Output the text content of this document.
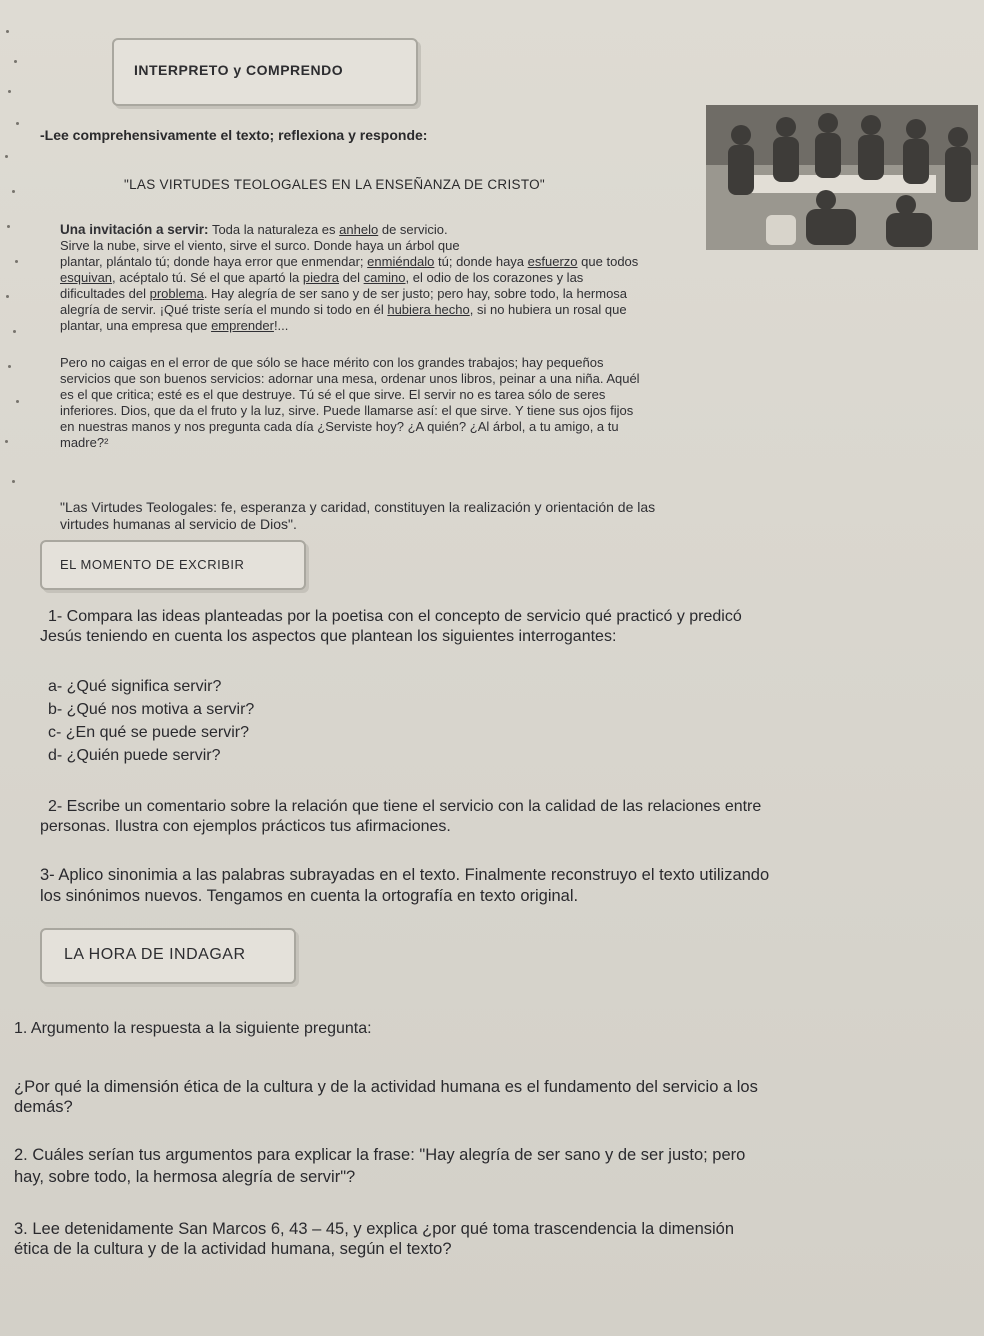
INTERPRETO y COMPRENDO
-Lee comprehensivamente el texto; reflexiona y responde:
"LAS VIRTUDES TEOLOGALES EN LA ENSEÑANZA DE CRISTO"
Una invitación a servir: Toda la naturaleza es anhelo de servicio.
Sirve la nube, sirve el viento, sirve el surco. Donde haya un árbol que
plantar, plántalo tú; donde haya error que enmendar; enmiéndalo tú; donde haya esfuerzo que todos
esquivan, acéptalo tú. Sé el que apartó la piedra del camino, el odio de los corazones y las
dificultades del problema. Hay alegría de ser sano y de ser justo; pero hay, sobre todo, la hermosa
alegría de servir. ¡Qué triste sería el mundo si todo en él hubiera hecho, si no hubiera un rosal que
plantar, una empresa que emprender!...
Pero no caigas en el error de que sólo se hace mérito con los grandes trabajos; hay pequeños
servicios que son buenos servicios: adornar una mesa, ordenar unos libros, peinar a una niña. Aquél
es el que critica; esté es el que destruye. Tú sé el que sirve. El servir no es tarea sólo de seres
inferiores. Dios, que da el fruto y la luz, sirve. Puede llamarse así: el que sirve. Y tiene sus ojos fijos
en nuestras manos y nos pregunta cada día ¿Serviste hoy? ¿A quién? ¿Al árbol, a tu amigo, a tu
madre?²
"Las Virtudes Teologales: fe, esperanza y caridad, constituyen la realización y orientación de las
virtudes humanas al servicio de Dios".
EL MOMENTO DE EXCRIBIR
1- Compara las ideas planteadas por la poetisa con el concepto de servicio qué practicó y predicó
Jesús teniendo en cuenta los aspectos que plantean los siguientes interrogantes:
a- ¿Qué significa servir?
b- ¿Qué nos motiva a servir?
c- ¿En qué se puede servir?
d- ¿Quién puede servir?
2- Escribe un comentario sobre la relación que tiene el servicio con la calidad de las relaciones entre
personas. Ilustra con ejemplos prácticos tus afirmaciones.
3- Aplico sinonimia a las palabras subrayadas en el texto. Finalmente reconstruyo el texto utilizando
los sinónimos nuevos. Tengamos en cuenta la ortografía en texto original.
LA HORA DE INDAGAR
1. Argumento la respuesta a la siguiente pregunta:
¿Por qué la dimensión ética de la cultura y de la actividad humana es el fundamento del servicio a los
demás?
2. Cuáles serían tus argumentos para explicar la frase: "Hay alegría de ser sano y de ser justo; pero
hay, sobre todo, la hermosa alegría de servir"?
3. Lee detenidamente San Marcos 6, 43 – 45, y explica ¿por qué toma trascendencia la dimensión
ética de la cultura y de la actividad humana, según el texto?
